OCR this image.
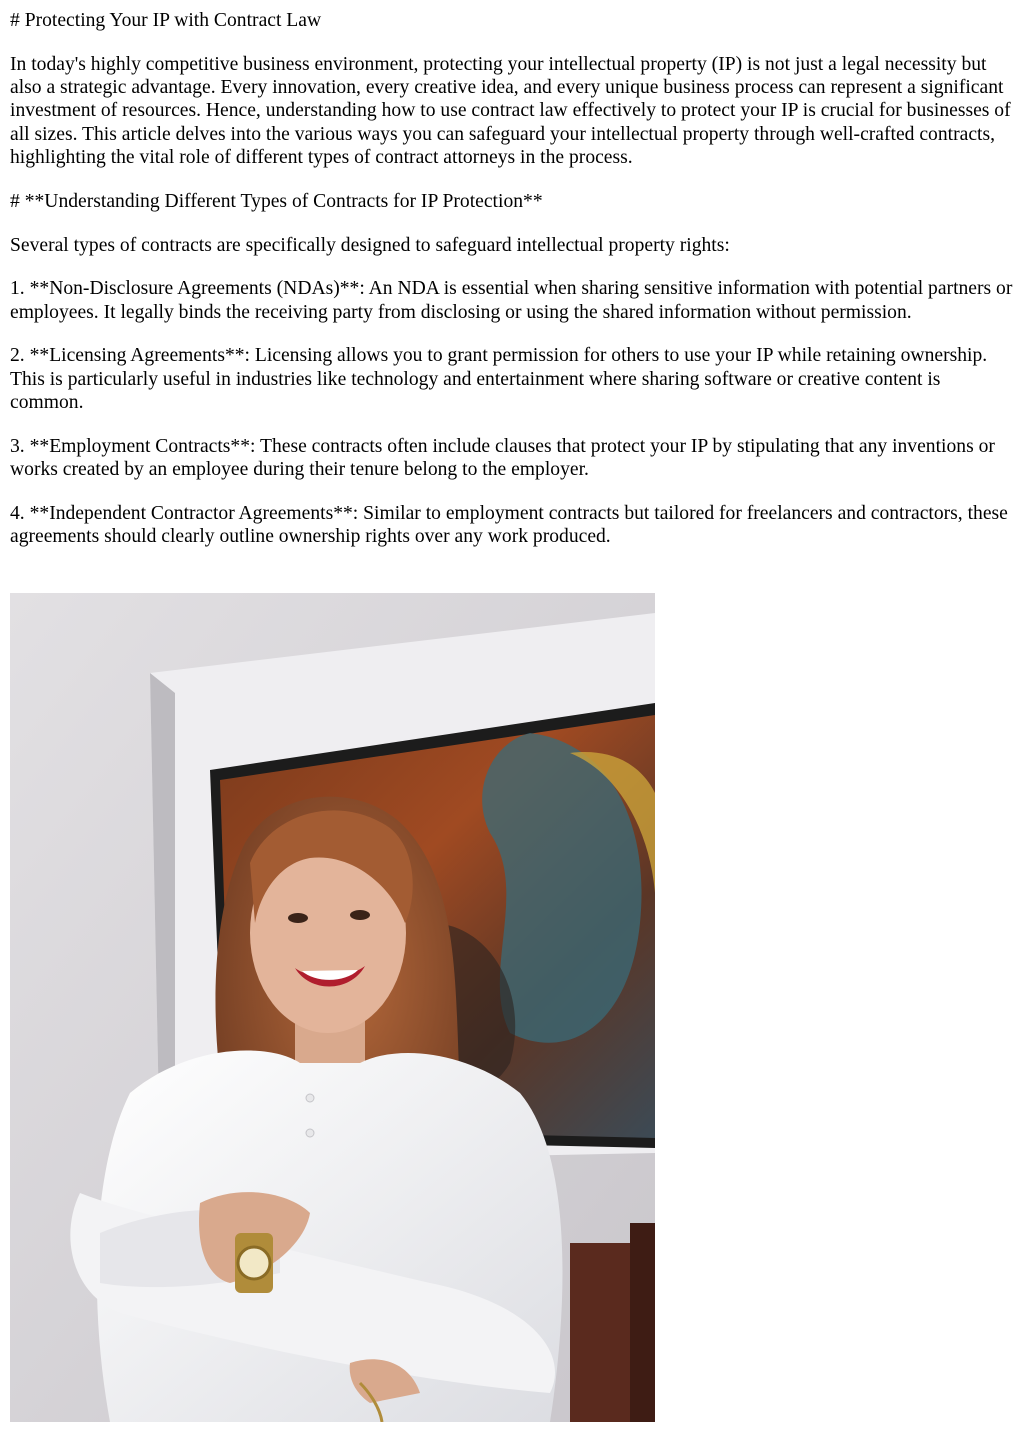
# Protecting Your IP with Contract Law

In today's highly competitive business environment, protecting your intellectual property (IP) is not just a legal necessity but also a strategic advantage. Every innovation, every creative idea, and every unique business process can represent a significant investment of resources. Hence, understanding how to use contract law effectively to protect your IP is crucial for businesses of all sizes. This article delves into the various ways you can safeguard your intellectual property through well-crafted contracts, highlighting the vital role of different types of contract attorneys in the process.

# **Understanding Different Types of Contracts for IP Protection**

Several types of contracts are specifically designed to safeguard intellectual property rights:

1. **Non-Disclosure Agreements (NDAs)**: An NDA is essential when sharing sensitive information with potential partners or employees. It legally binds the receiving party from disclosing or using the shared information without permission.

2. **Licensing Agreements**: Licensing allows you to grant permission for others to use your IP while retaining ownership. This is particularly useful in industries like technology and entertainment where sharing software or creative content is common.

3. **Employment Contracts**: These contracts often include clauses that protect your IP by stipulating that any inventions or works created by an employee during their tenure belong to the employer.

4. **Independent Contractor Agreements**: Similar to employment contracts but tailored for freelancers and contractors, these agreements should clearly outline ownership rights over any work produced.
